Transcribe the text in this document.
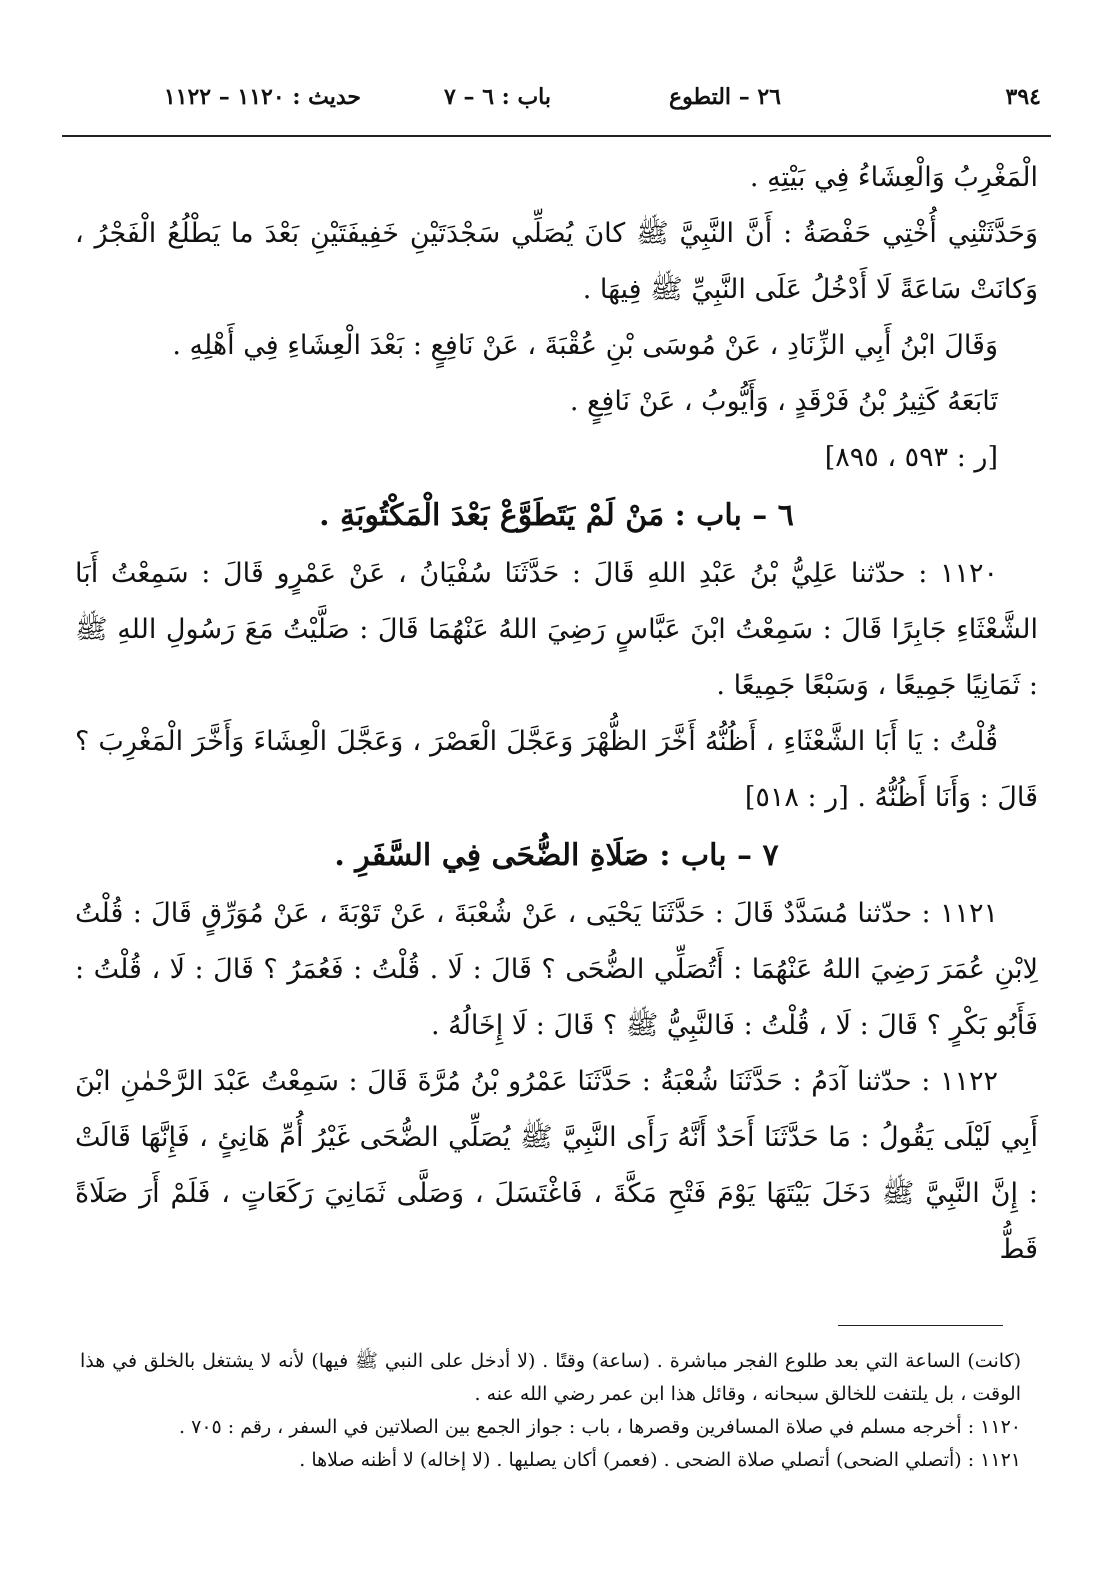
٣٩٤
٢٦ – التطوع
باب : ٦ – ٧
حديث : ١١٢٠ – ١١٢٢

الْمَغْرِبُ وَالْعِشَاءُ فِي بَيْتِهِ .

وَحَدَّثَتْنِي أُخْتِي حَفْصَةُ : أَنَّ النَّبِيَّ ﷺ كانَ يُصَلِّي سَجْدَتَيْنِ خَفِيفَتَيْنِ بَعْدَ ما يَطْلُعُ الْفَجْرُ ، وَكانَتْ سَاعَةً لَا أَدْخُلُ عَلَى النَّبِيِّ ﷺ فِيهَا .

وَقَالَ ابْنُ أَبِي الزِّنَادِ ، عَنْ مُوسَى بْنِ عُقْبَةَ ، عَنْ نَافِعٍ : بَعْدَ الْعِشَاءِ فِي أَهْلِهِ .

تَابَعَهُ كَثِيرُ بْنُ فَرْقَدٍ ، وَأَيُّوبُ ، عَنْ نَافِعٍ .

[ر : ٥٩٣ ، ٨٩٥]

٦ – باب : مَنْ لَمْ يَتَطَوَّعْ بَعْدَ الْمَكْتُوبَةِ .

١١٢٠ : حدّثنا عَلِيُّ بْنُ عَبْدِ اللهِ قَالَ : حَدَّثَنَا سُفْيَانُ ، عَنْ عَمْرٍو قَالَ : سَمِعْتُ أَبَا الشَّعْثَاءِ جَابِرًا قَالَ : سَمِعْتُ ابْنَ عَبَّاسٍ رَضِيَ اللهُ عَنْهُمَا قَالَ : صَلَّيْتُ مَعَ رَسُولِ اللهِ ﷺ : ثَمَانِيًا جَمِيعًا ، وَسَبْعًا جَمِيعًا .

قُلْتُ : يَا أَبَا الشَّعْثَاءِ ، أَظُنُّهُ أَخَّرَ الظُّهْرَ وَعَجَّلَ الْعَصْرَ ، وَعَجَّلَ الْعِشَاءَ وَأَخَّرَ الْمَغْرِبَ ؟ قَالَ : وَأَنَا أَظُنُّهُ . [ر : ٥١٨]

٧ – باب : صَلَاةِ الضُّحَى فِي السَّفَرِ .

١١٢١ : حدّثنا مُسَدَّدٌ قَالَ : حَدَّثَنَا يَحْيَى ، عَنْ شُعْبَةَ ، عَنْ تَوْبَةَ ، عَنْ مُوَرِّقٍ قَالَ : قُلْتُ لِابْنِ عُمَرَ رَضِيَ اللهُ عَنْهُمَا : أَتُصَلِّي الضُّحَى ؟ قَالَ : لَا . قُلْتُ : فَعُمَرُ ؟ قَالَ : لَا ، قُلْتُ : فَأَبُو بَكْرٍ ؟ قَالَ : لَا ، قُلْتُ : فَالنَّبِيُّ ﷺ ؟ قَالَ : لَا إِخَالُهُ .

١١٢٢ : حدّثنا آدَمُ : حَدَّثَنَا شُعْبَةُ : حَدَّثَنَا عَمْرُو بْنُ مُرَّةَ قَالَ : سَمِعْتُ عَبْدَ الرَّحْمٰنِ ابْنَ أَبِي لَيْلَى يَقُولُ : مَا حَدَّثَنَا أَحَدٌ أَنَّهُ رَأَى النَّبِيَّ ﷺ يُصَلِّي الضُّحَى غَيْرُ أُمِّ هَانِئٍ ، فَإِنَّهَا قَالَتْ : إِنَّ النَّبِيَّ ﷺ دَخَلَ بَيْتَهَا يَوْمَ فَتْحِ مَكَّةَ ، فَاغْتَسَلَ ، وَصَلَّى ثَمَانِيَ رَكَعَاتٍ ، فَلَمْ أَرَ صَلَاةً قَطُّ

(كانت) الساعة التي بعد طلوع الفجر مباشرة . (ساعة) وقتًا . (لا أدخل على النبي ﷺ فيها) لأنه لا يشتغل بالخلق في هذا الوقت ، بل يلتفت للخالق سبحانه ، وقائل هذا ابن عمر رضي الله عنه .

١١٢٠ : أخرجه مسلم في صلاة المسافرين وقصرها ، باب : جواز الجمع بين الصلاتين في السفر ، رقم : ٧٠٥ .

١١٢١ : (أتصلي الضحى) أتصلي صلاة الضحى . (فعمر) أكان يصليها . (لا إخاله) لا أظنه صلاها .
